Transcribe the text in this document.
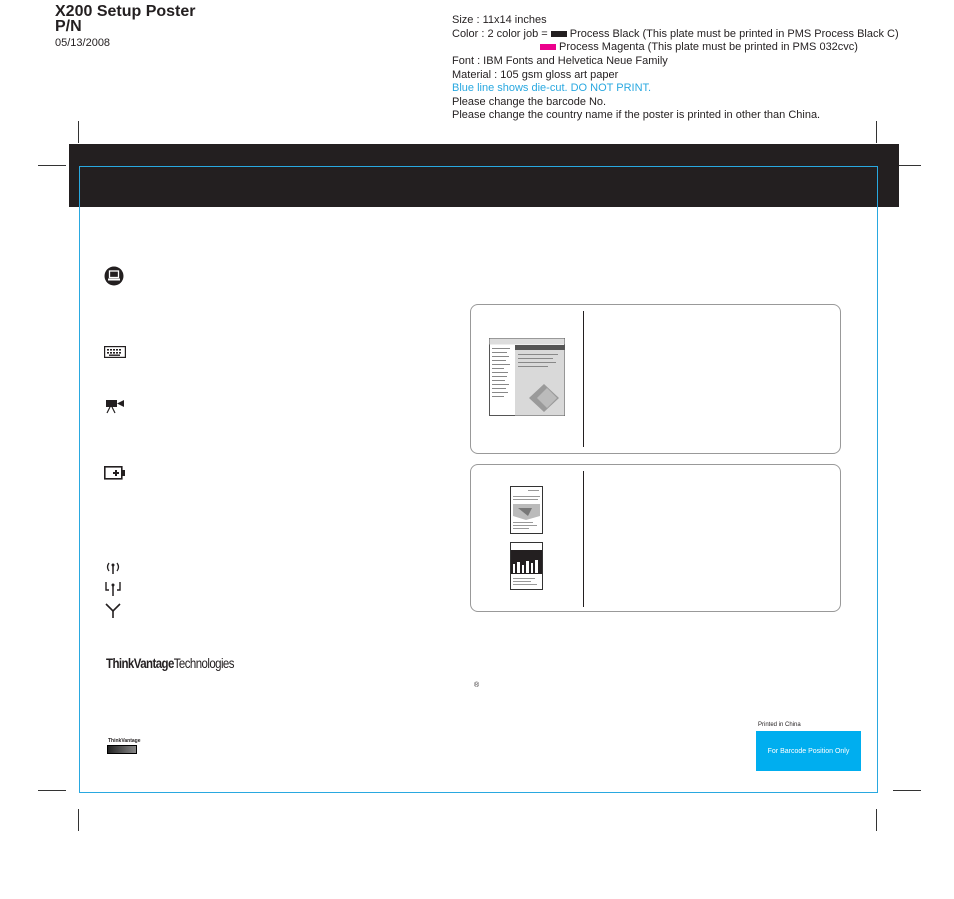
X200 Setup Poster
P/N
05/13/2008
Size : 11x14 inches
Color : 2 color job = Process Black (This plate must be printed in PMS Process Black C)
Process Magenta (This plate must be printed in PMS 032cvc)
Font : IBM Fonts and Helvetica Neue Family
Material : 105 gsm gloss art paper
Blue line shows die-cut. DO NOT PRINT.
Please change the barcode No.
Please change the country name if the poster is printed in other than China.
ThinkVantageTechnologies
ThinkVantage
®
Printed in China
For Barcode Position Only
